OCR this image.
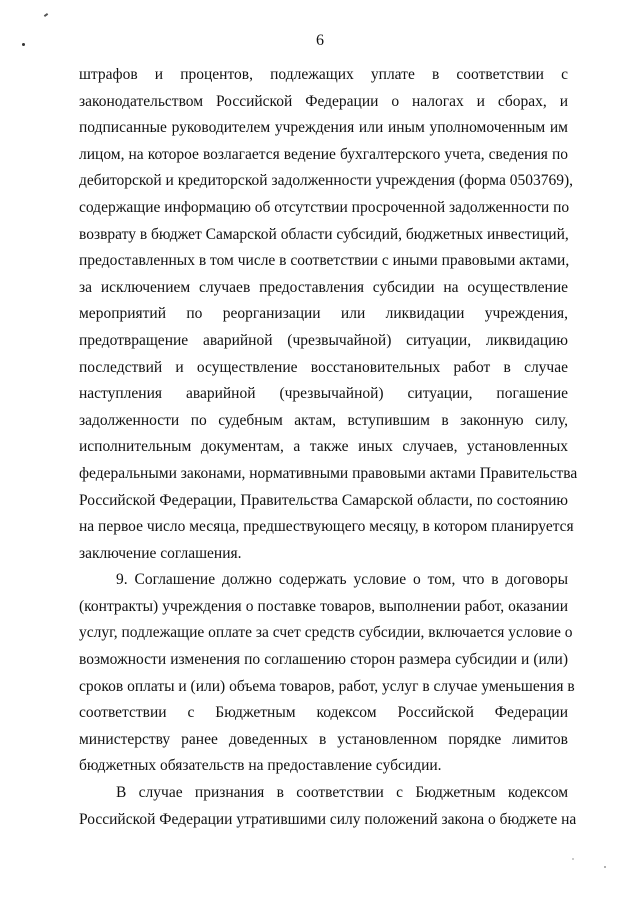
6
штрафов и процентов, подлежащих уплате в соответствии с
законодательством Российской Федерации о налогах и сборах, и
подписанные руководителем учреждения или иным уполномоченным им
лицом, на которое возлагается ведение бухгалтерского учета, сведения по
дебиторской и кредиторской задолженности учреждения (форма 0503769),
содержащие информацию об отсутствии просроченной задолженности по
возврату в бюджет Самарской области субсидий, бюджетных инвестиций,
предоставленных в том числе в соответствии с иными правовыми актами,
за исключением случаев предоставления субсидии на осуществление
мероприятий по реорганизации или ликвидации учреждения,
предотвращение аварийной (чрезвычайной) ситуации, ликвидацию
последствий и осуществление восстановительных работ в случае
наступления аварийной (чрезвычайной) ситуации, погашение
задолженности по судебным актам, вступившим в законную силу,
исполнительным документам, а также иных случаев, установленных
федеральными законами, нормативными правовыми актами Правительства
Российской Федерации, Правительства Самарской области, по состоянию
на первое число месяца, предшествующего месяцу, в котором планируется
заключение соглашения.
9. Соглашение должно содержать условие о том, что в договоры
(контракты) учреждения о поставке товаров, выполнении работ, оказании
услуг, подлежащие оплате за счет средств субсидии, включается условие о
возможности изменения по соглашению сторон размера субсидии и (или)
сроков оплаты и (или) объема товаров, работ, услуг в случае уменьшения в
соответствии с Бюджетным кодексом Российской Федерации
министерству ранее доведенных в установленном порядке лимитов
бюджетных обязательств на предоставление субсидии.
В случае признания в соответствии с Бюджетным кодексом
Российской Федерации утратившими силу положений закона о бюджете на
